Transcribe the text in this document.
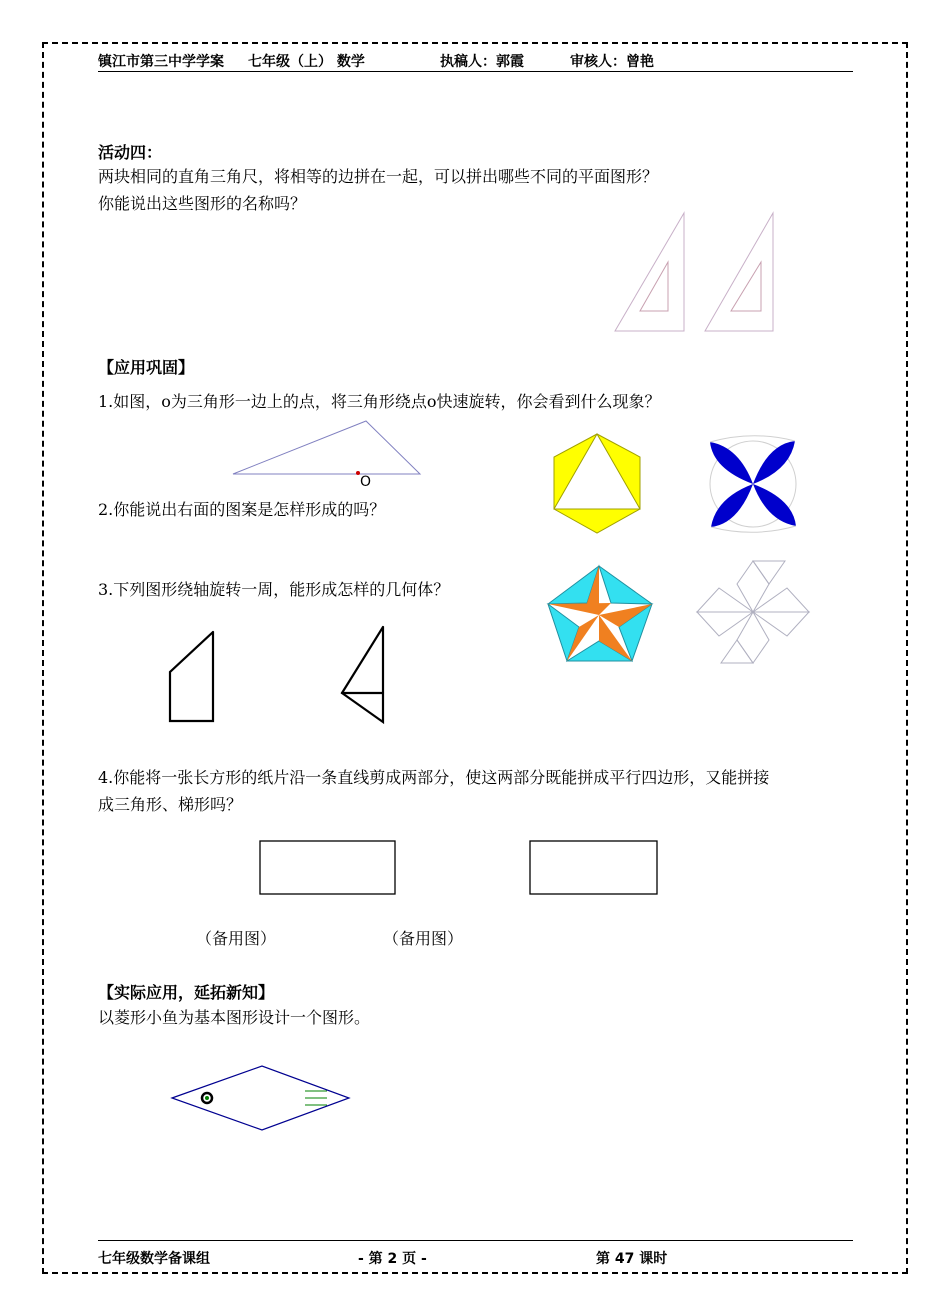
镇江市第三中学学案 七年级（上） 数学	执稿人：郭霞	审核人：曾艳
活动四：
两块相同的直角三角尺，将相等的边拼在一起，可以拼出哪些不同的平面图形？
你能说出这些图形的名称吗？
【应用巩固】
1.如图，o为三角形一边上的点，将三角形绕点o快速旋转，你会看到什么现象？
O
2.你能说出右面的图案是怎样形成的吗？
3.下列图形绕轴旋转一周，能形成怎样的几何体？
4.你能将一张长方形的纸片沿一条直线剪成两部分，使这两部分既能拼成平行四边形，又能拼接
成三角形、梯形吗？
（备用图）	（备用图）
【实际应用，延拓新知】
以菱形小鱼为基本图形设计一个图形。
七年级数学备课组	- 第 2 页 -	第 47 课时
